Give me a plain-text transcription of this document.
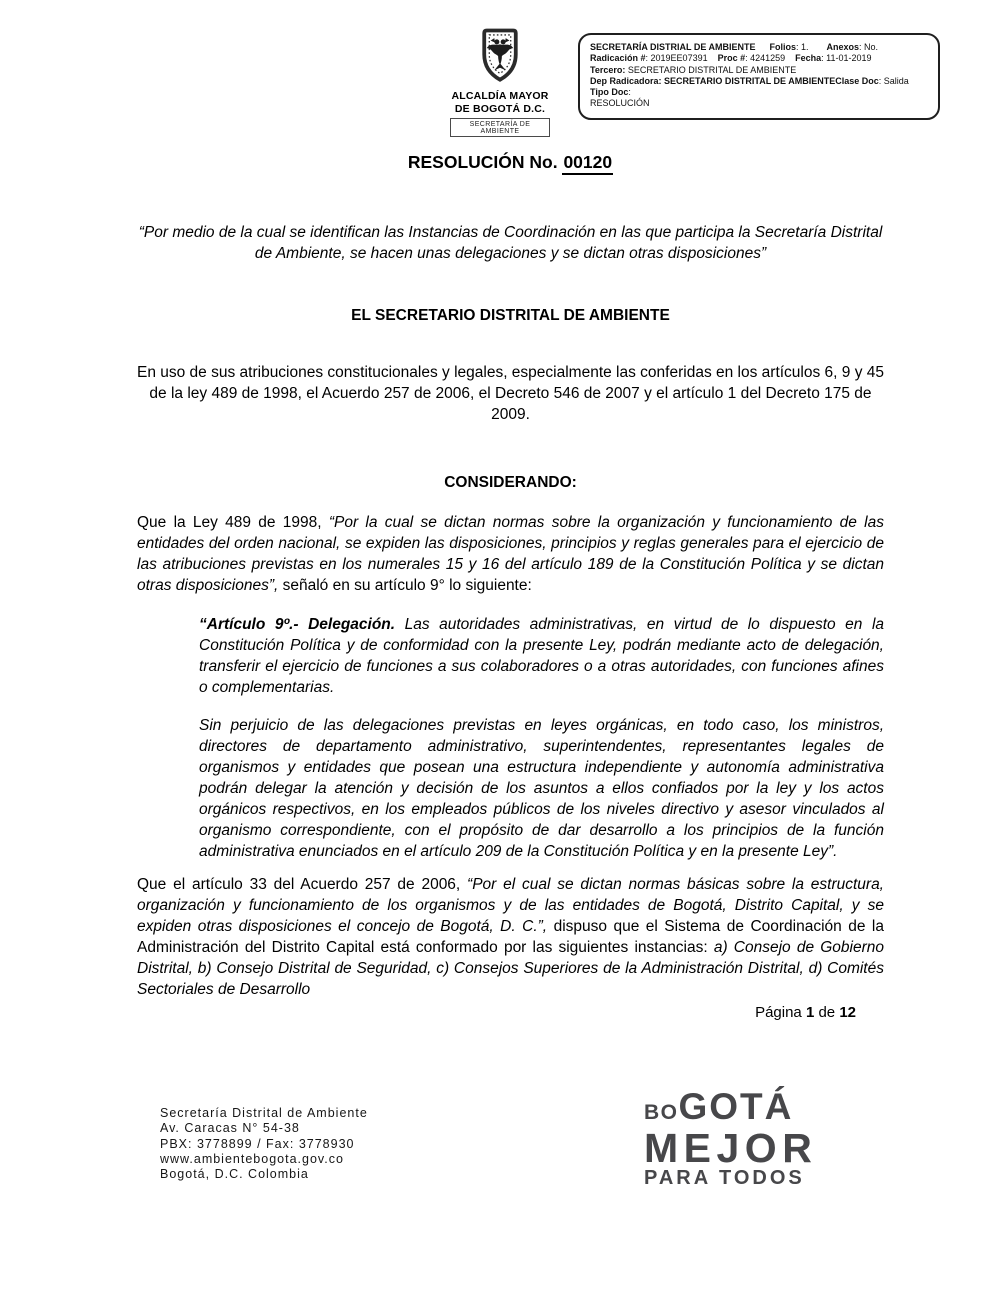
ALCALDÍA MAYOR
DE BOGOTÁ D.C.
SECRETARÍA DE AMBIENTE
SECRETARÍA DISTRIAL DE AMBIENTE Folios: 1. Anexos: No.
Radicación #: 2019EE07391 Proc #: 4241259 Fecha: 11-01-2019
Tercero: SECRETARIO DISTRITAL DE AMBIENTE
Dep Radicadora: SECRETARIO DISTRITAL DE AMBIENTEClase Doc: Salida Tipo Doc:
RESOLUCIÓN
RESOLUCIÓN No. 00120

“Por medio de la cual se identifican las Instancias de Coordinación en las que participa la Secretaría Distrital de Ambiente, se hacen unas delegaciones y se dictan otras disposiciones”

EL SECRETARIO DISTRITAL DE AMBIENTE

En uso de sus atribuciones constitucionales y legales, especialmente las conferidas en los artículos 6, 9 y 45 de la ley 489 de 1998, el Acuerdo 257 de 2006, el Decreto 546 de 2007 y el artículo 1 del Decreto 175 de 2009.

CONSIDERANDO:

Que la Ley 489 de 1998, “Por la cual se dictan normas sobre la organización y funcionamiento de las entidades del orden nacional, se expiden las disposiciones, principios y reglas generales para el ejercicio de las atribuciones previstas en los numerales 15 y 16 del artículo 189 de la Constitución Política y se dictan otras disposiciones”, señaló en su artículo 9° lo siguiente:

“Artículo 9º.- Delegación. Las autoridades administrativas, en virtud de lo dispuesto en la Constitución Política y de conformidad con la presente Ley, podrán mediante acto de delegación, transferir el ejercicio de funciones a sus colaboradores o a otras autoridades, con funciones afines o complementarias.

Sin perjuicio de las delegaciones previstas en leyes orgánicas, en todo caso, los ministros, directores de departamento administrativo, superintendentes, representantes legales de organismos y entidades que posean una estructura independiente y autonomía administrativa podrán delegar la atención y decisión de los asuntos a ellos confiados por la ley y los actos orgánicos respectivos, en los empleados públicos de los niveles directivo y asesor vinculados al organismo correspondiente, con el propósito de dar desarrollo a los principios de la función administrativa enunciados en el artículo 209 de la Constitución Política y en la presente Ley”.

Que el artículo 33 del Acuerdo 257 de 2006, “Por el cual se dictan normas básicas sobre la estructura, organización y funcionamiento de los organismos y de las entidades de Bogotá, Distrito Capital, y se expiden otras disposiciones el concejo de Bogotá, D. C.”, dispuso que el Sistema de Coordinación de la Administración del Distrito Capital está conformado por las siguientes instancias: a) Consejo de Gobierno Distrital, b) Consejo Distrital de Seguridad, c) Consejos Superiores de la Administración Distrital, d) Comités Sectoriales de Desarrollo

Página 1 de 12
Secretaría Distrital de Ambiente
Av. Caracas N° 54-38
PBX: 3778899 / Fax: 3778930
www.ambientebogota.gov.co
Bogotá, D.C. Colombia
BO GOTÁ
MEJOR
PARA TODOS
